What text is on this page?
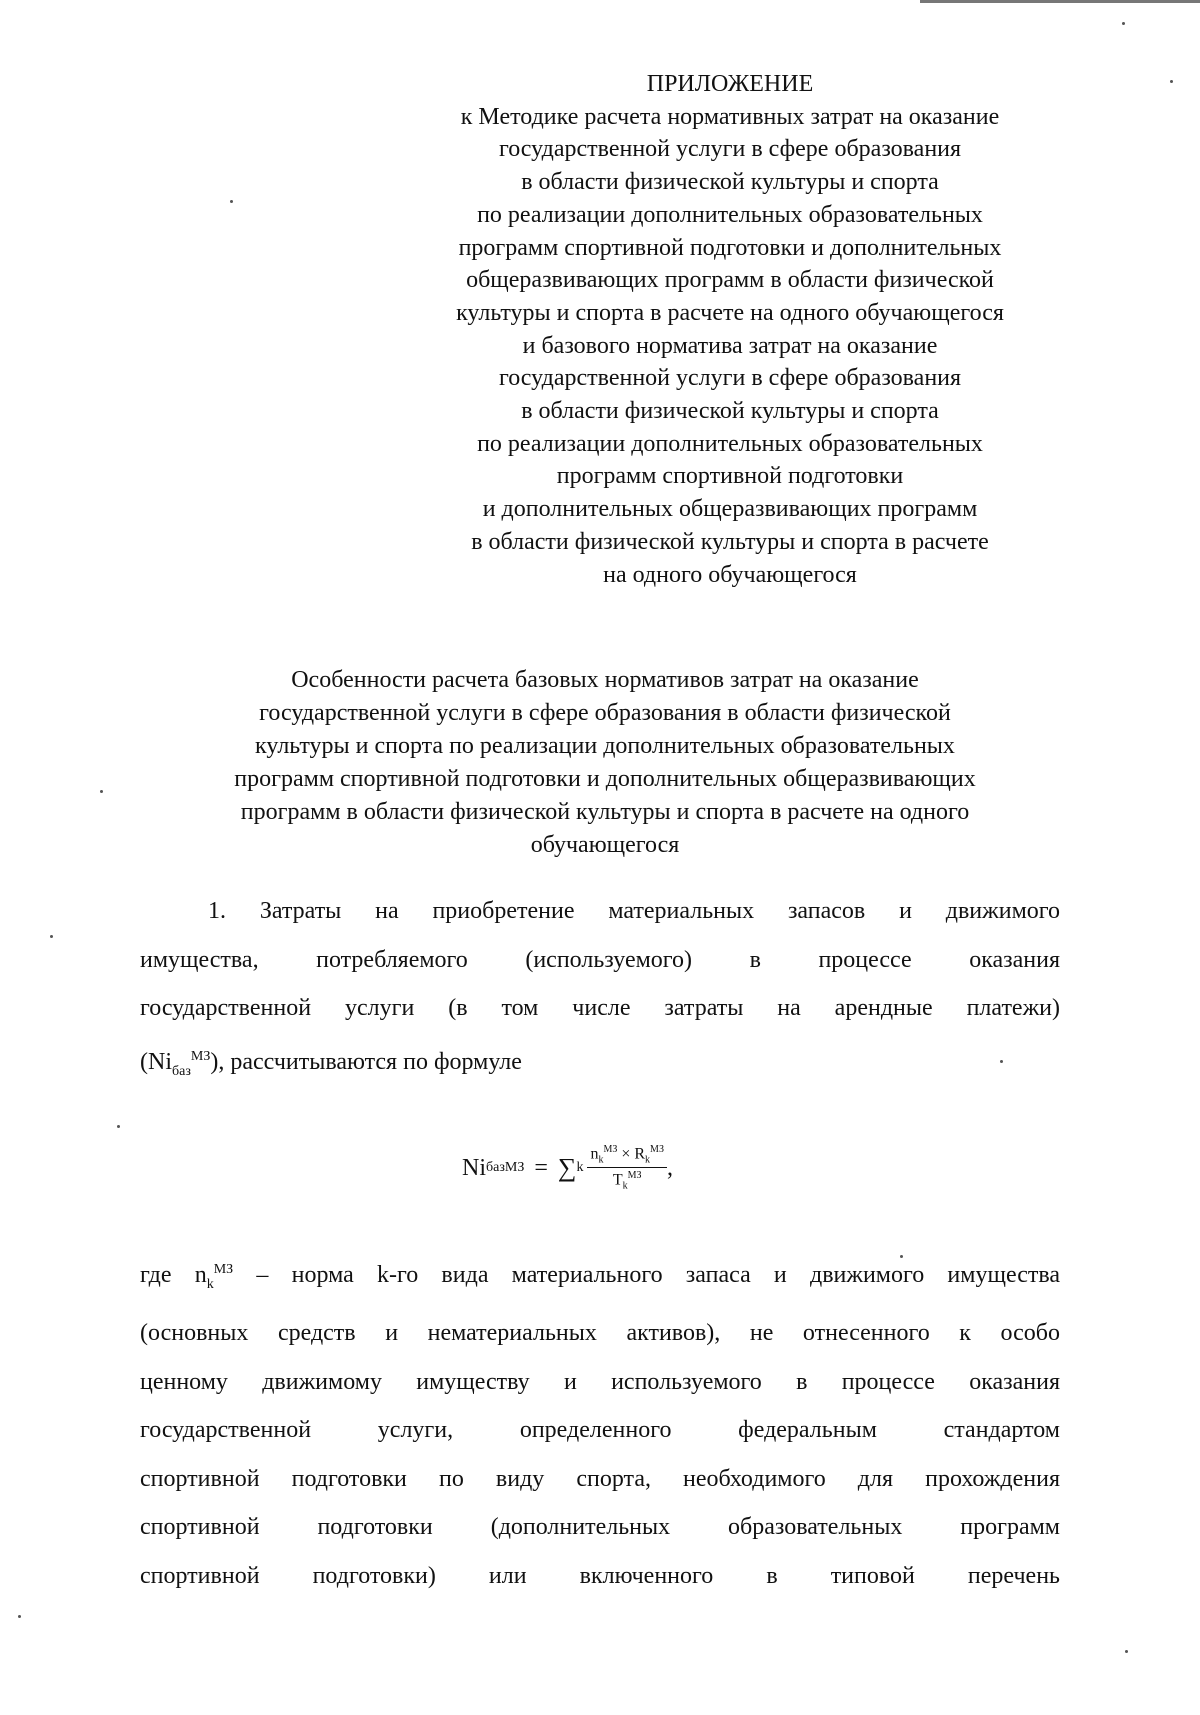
ПРИЛОЖЕНИЕ
к Методике расчета нормативных затрат на оказание
государственной услуги в сфере образования
в области физической культуры и спорта
по реализации дополнительных образовательных
программ спортивной подготовки и дополнительных
общеразвивающих программ в области физической
культуры и спорта в расчете на одного обучающегося
и базового норматива затрат на оказание
государственной услуги в сфере образования
в области физической культуры и спорта
по реализации дополнительных образовательных
программ спортивной подготовки
и дополнительных общеразвивающих программ
в области физической культуры и спорта в расчете
на одного обучающегося
Особенности расчета базовых нормативов затрат на оказание
государственной услуги в сфере образования в области физической
культуры и спорта по реализации дополнительных образовательных
программ спортивной подготовки и дополнительных общеразвивающих
программ в области физической культуры и спорта в расчете на одного
обучающегося
1. Затраты на приобретение материальных запасов и движимого
имущества, потребляемого (используемого) в процессе оказания
государственной услуги (в том числе затраты на арендные платежи)
$(Ni_{баз}^{МЗ})$, рассчитываются по формуле
Ni баз МЗ = ∑ k $\frac{n_k^{МЗ} \times R_k^{МЗ}}{T_k^{МЗ}}$ ,
где $n_k^{МЗ}$ – норма k-го вида материального запаса и движимого имущества
(основных средств и нематериальных активов), не отнесенного к особо
ценному движимому имуществу и используемого в процессе оказания
государственной услуги, определенного федеральным стандартом
спортивной подготовки по виду спорта, необходимого для прохождения
спортивной подготовки (дополнительных образовательных программ
спортивной подготовки) или включенного в типовой перечень
